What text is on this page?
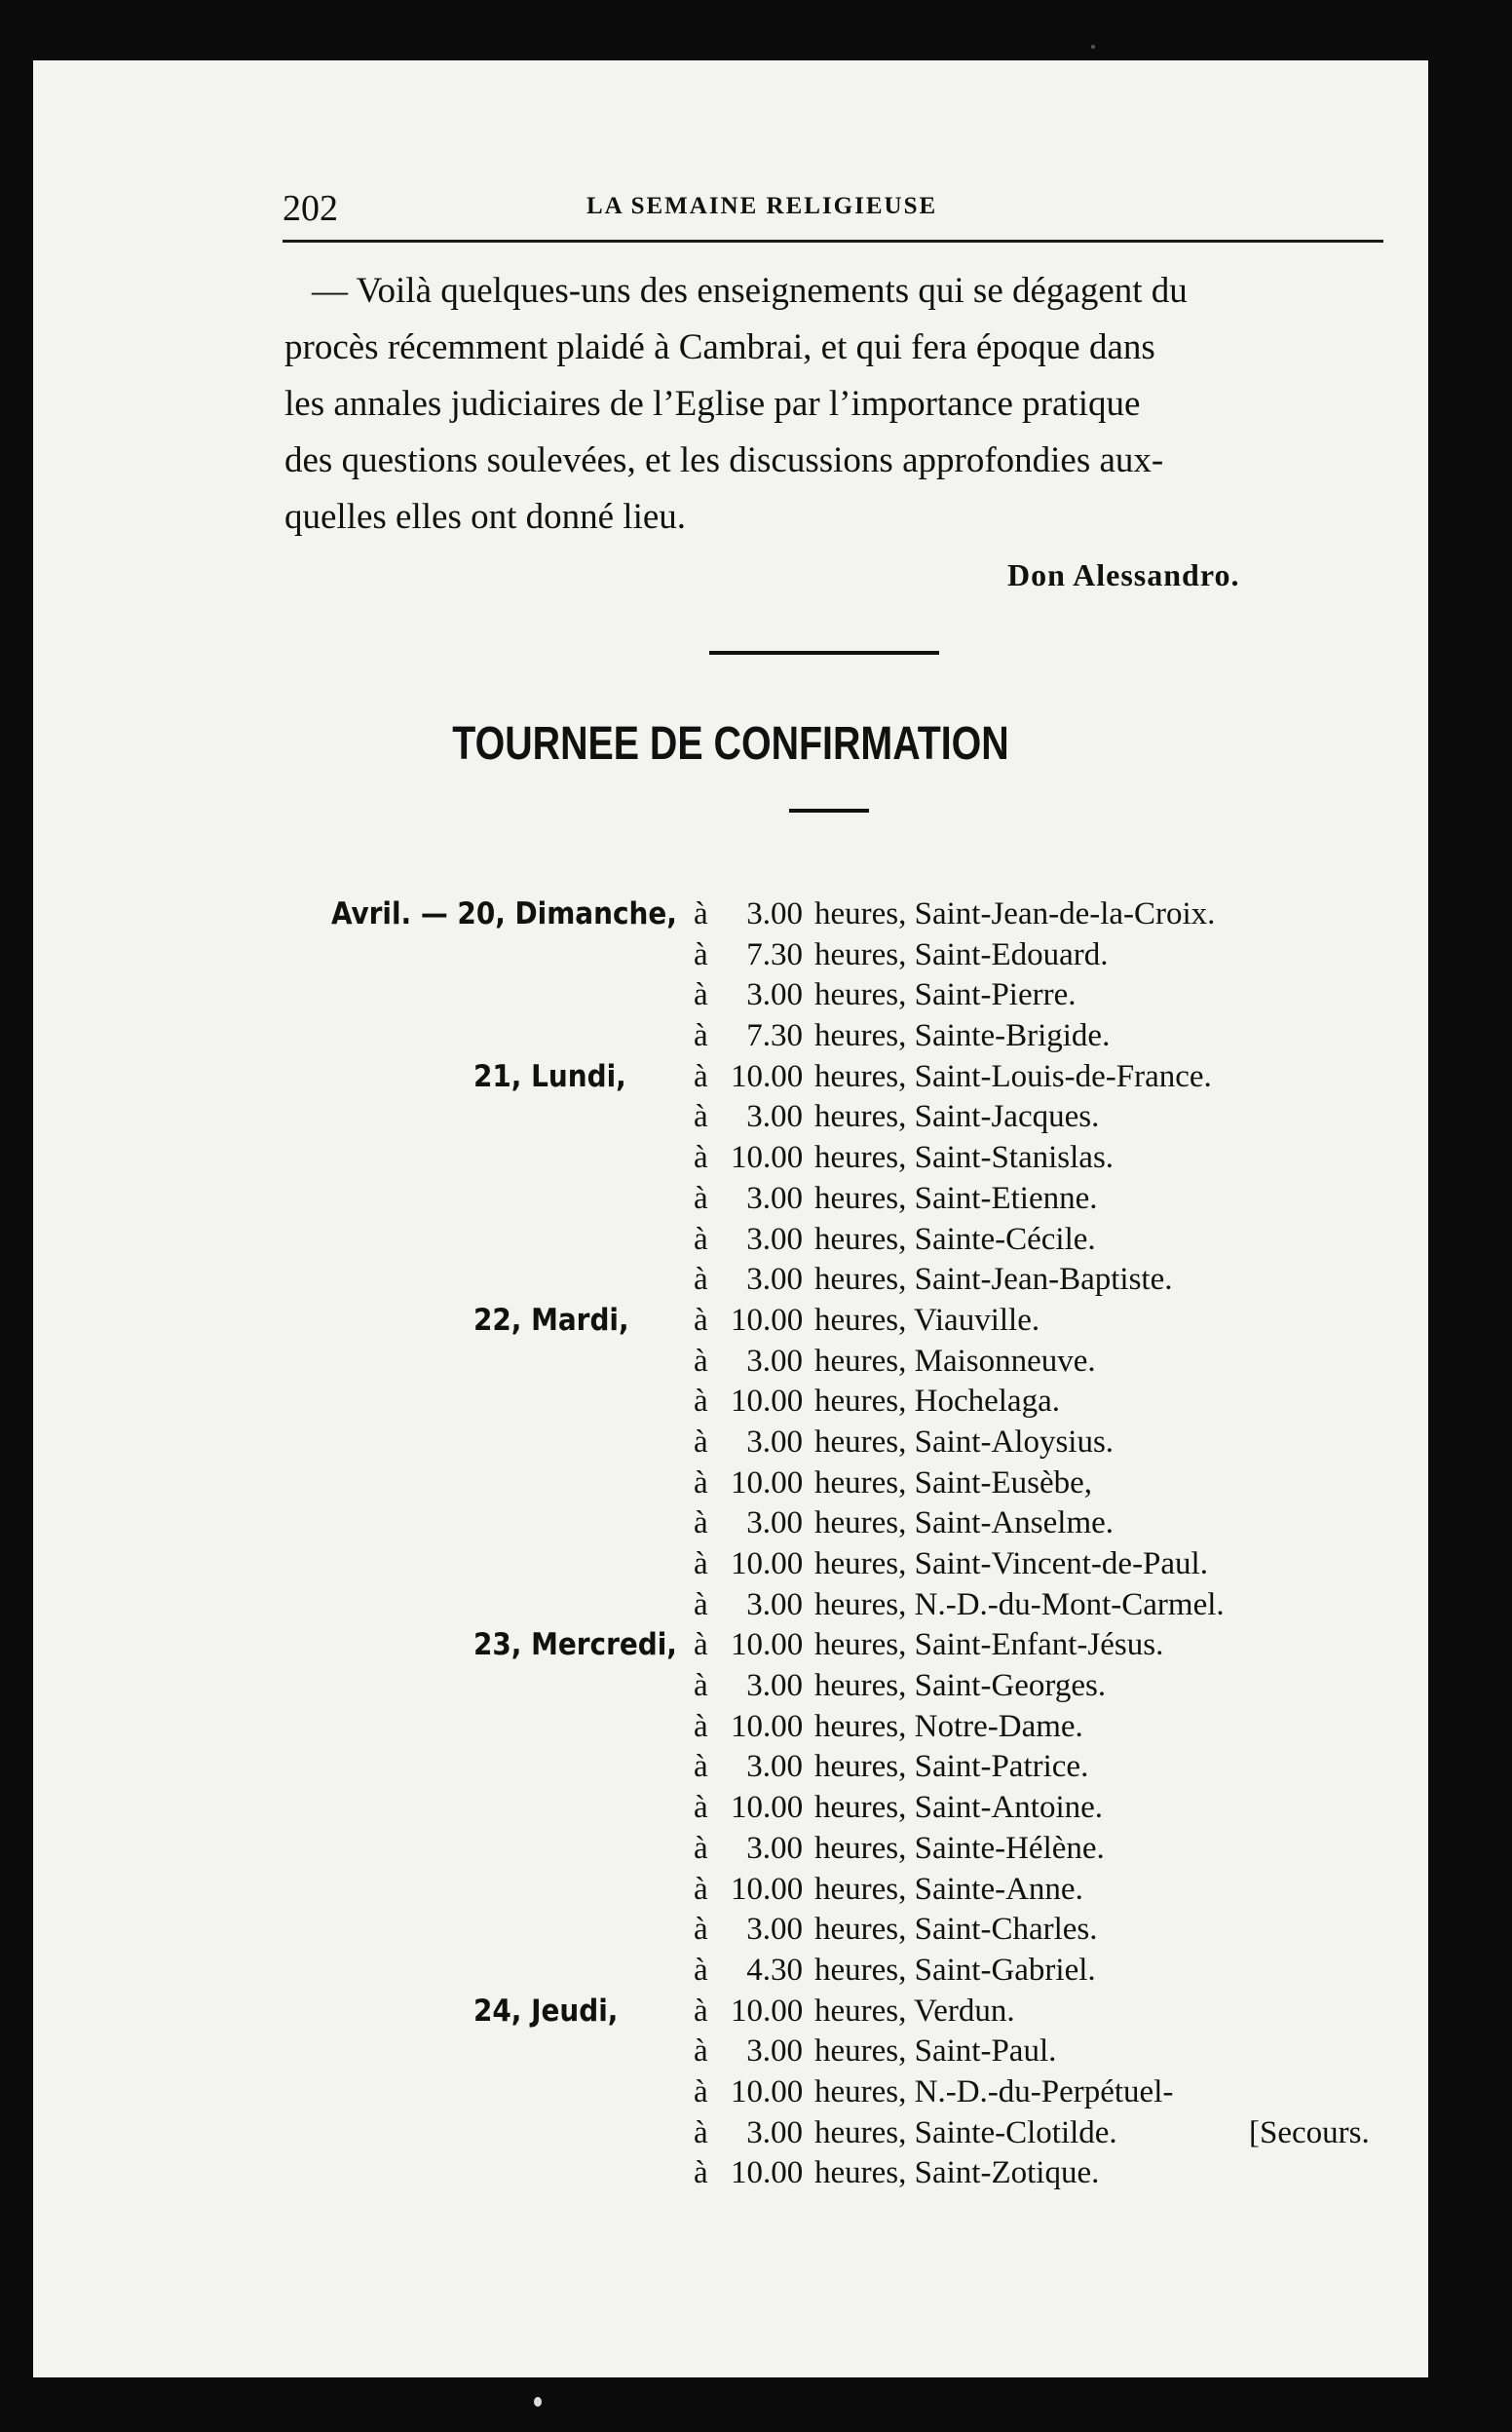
202	LA SEMAINE RELIGIEUSE
— Voilà quelques-uns des enseignements qui se dégagent du
procès récemment plaidé à Cambrai, et qui fera époque dans
les annales judiciaires de l’Eglise par l’importance pratique
des questions soulevées, et les discussions approfondies aux-
quelles elles ont donné lieu.
Don Alessandro.
TOURNEE DE CONFIRMATION
Avril. — 20, Dimanche, à 3.00 heures, Saint-Jean-de-la-Croix.
à 7.30 heures, Saint-Edouard.
à 3.00 heures, Saint-Pierre.
à 7.30 heures, Sainte-Brigide.
21, Lundi, à 10.00 heures, Saint-Louis-de-France.
à 3.00 heures, Saint-Jacques.
à 10.00 heures, Saint-Stanislas.
à 3.00 heures, Saint-Etienne.
à 3.00 heures, Sainte-Cécile.
à 3.00 heures, Saint-Jean-Baptiste.
22, Mardi, à 10.00 heures, Viauville.
à 3.00 heures, Maisonneuve.
à 10.00 heures, Hochelaga.
à 3.00 heures, Saint-Aloysius.
à 10.00 heures, Saint-Eusèbe,
à 3.00 heures, Saint-Anselme.
à 10.00 heures, Saint-Vincent-de-Paul.
à 3.00 heures, N.-D.-du-Mont-Carmel.
23, Mercredi, à 10.00 heures, Saint-Enfant-Jésus.
à 3.00 heures, Saint-Georges.
à 10.00 heures, Notre-Dame.
à 3.00 heures, Saint-Patrice.
à 10.00 heures, Saint-Antoine.
à 3.00 heures, Sainte-Hélène.
à 10.00 heures, Sainte-Anne.
à 3.00 heures, Saint-Charles.
à 4.30 heures, Saint-Gabriel.
24, Jeudi, à 10.00 heures, Verdun.
à 3.00 heures, Saint-Paul.
à 10.00 heures, N.-D.-du-Perpétuel-
à 3.00 heures, Sainte-Clotilde.	[Secours.
à 10.00 heures, Saint-Zotique.
